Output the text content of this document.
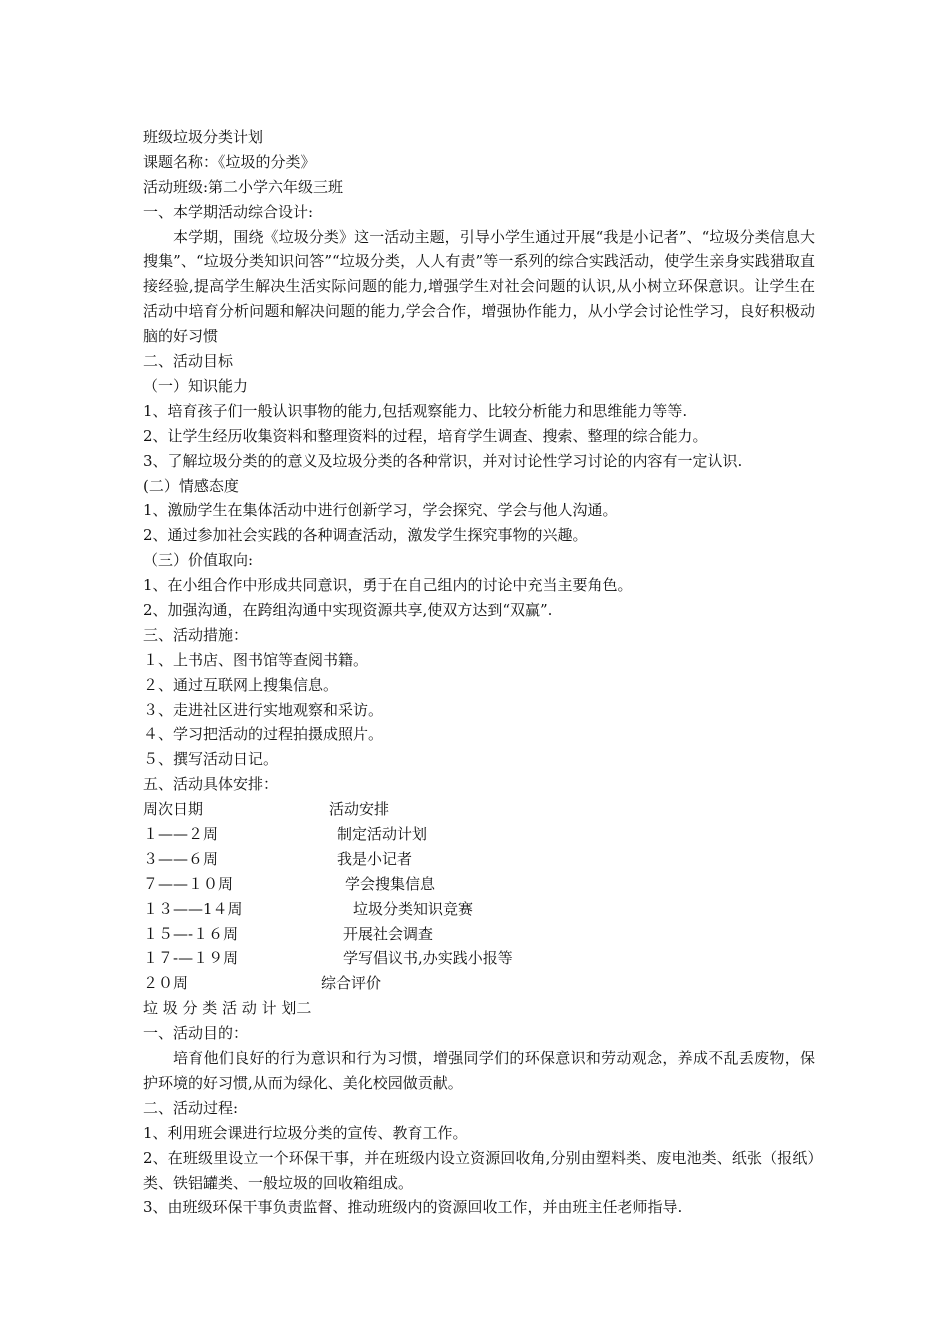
班级垃圾分类计划
课题名称：《垃圾的分类》
活动班级:第二小学六年级三班
一、本学期活动综合设计:

本学期，围绕《垃圾分类》这一活动主题，引导小学生通过开展“我是小记者”、“垃圾分类信息大搜集”、“垃圾分类知识问答”“垃圾分类，人人有责”等一系列的综合实践活动，使学生亲身实践猎取直接经验,提高学生解决生活实际问题的能力,增强学生对社会问题的认识,从小树立环保意识。让学生在活动中培育分析问题和解决问题的能力,学会合作，增强协作能力，从小学会讨论性学习，良好积极动脑的好习惯

二、活动目标
（一）知识能力
1、培育孩子们一般认识事物的能力,包括观察能力、比较分析能力和思维能力等等.
2、让学生经历收集资料和整理资料的过程，培育学生调查、搜索、整理的综合能力。
3、了解垃圾分类的的意义及垃圾分类的各种常识，并对讨论性学习讨论的内容有一定认识.
(二）情感态度
1、激励学生在集体活动中进行创新学习，学会探究、学会与他人沟通。
2、通过参加社会实践的各种调查活动，激发学生探究事物的兴趣。
（三）价值取向:
1、在小组合作中形成共同意识，勇于在自己组内的讨论中充当主要角色。
2、加强沟通，在跨组沟通中实现资源共享,使双方达到“双赢”.
三、活动措施：
１、上书店、图书馆等查阅书籍。
２、通过互联网上搜集信息。
３、走进社区进行实地观察和采访。
４、学习把活动的过程拍摄成照片。
５、撰写活动日记。
五、活动具体安排：
周次日期	活动安排
１——２周	制定活动计划
３——６周	我是小记者
７——１０周	学会搜集信息
１３——1４周	垃圾分类知识竞赛
１５—-１６周	开展社会调查
１７-—１９周	学写倡议书,办实践小报等
２０周	综合评价
垃 圾 分 类 活 动 计 划二
一、活动目的：

培育他们良好的行为意识和行为习惯，增强同学们的环保意识和劳动观念，养成不乱丢废物，保护环境的好习惯,从而为绿化、美化校园做贡献。

二、活动过程:
1、利用班会课进行垃圾分类的宣传、教育工作。

2、在班级里设立一个环保干事，并在班级内设立资源回收角,分别由塑料类、废电池类、纸张（报纸）类、铁铝罐类、一般垃圾的回收箱组成。

3、由班级环保干事负责监督、推动班级内的资源回收工作，并由班主任老师指导.
